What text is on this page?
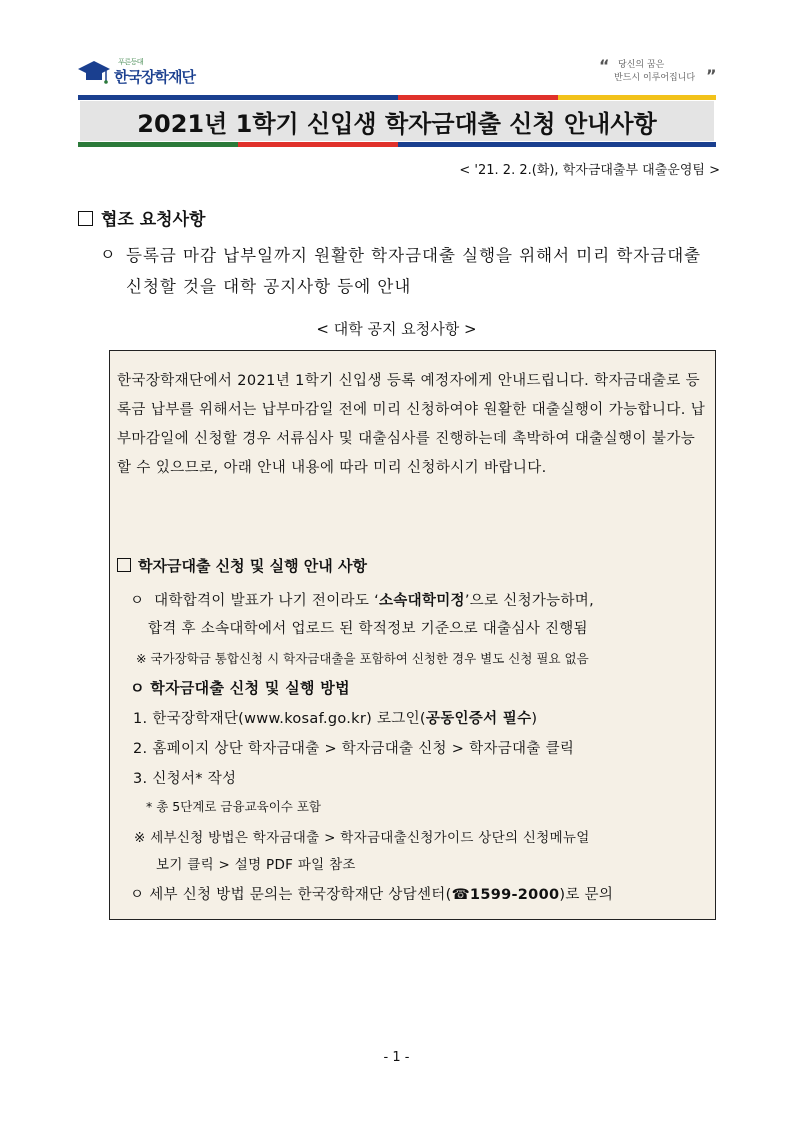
푸른등대
한국장학재단
“ 당신의 꿈은
반드시 이루어집니다 ”
2021년 1학기 신입생 학자금대출 신청 안내사항
< '21. 2. 2.(화), 학자금대출부 대출운영팀 >
협조 요청사항
ㅇ 등록금 마감 납부일까지 원활한 학자금대출 실행을 위해서 미리 학자금대출 신청할 것을 대학 공지사항 등에 안내
< 대학 공지 요청사항 >
한국장학재단에서 2021년 1학기 신입생 등록 예정자에게 안내드립니다. 학자금대출로 등록금 납부를 위해서는 납부마감일 전에 미리 신청하여야 원활한 대출실행이 가능합니다. 납부마감일에 신청할 경우 서류심사 및 대출심사를 진행하는데 촉박하여 대출실행이 불가능 할 수 있으므로, 아래 안내 내용에 따라 미리 신청하시기 바랍니다.
학자금대출 신청 및 실행 안내 사항
ㅇ 대학합격이 발표가 나기 전이라도 ‘소속대학미정’으로 신청가능하며,
합격 후 소속대학에서 업로드 된 학적정보 기준으로 대출심사 진행됨
※ 국가장학금 통합신청 시 학자금대출을 포함하여 신청한 경우 별도 신청 필요 없음
ㅇ 학자금대출 신청 및 실행 방법
1. 한국장학재단(www.kosaf.go.kr) 로그인(공동인증서 필수)
2. 홈페이지 상단 학자금대출 > 학자금대출 신청 > 학자금대출 클릭
3. 신청서* 작성
* 총 5단계로 금융교육이수 포함
※ 세부신청 방법은 학자금대출 > 학자금대출신청가이드 상단의 신청메뉴얼
보기 클릭 > 설명 PDF 파일 참조
ㅇ 세부 신청 방법 문의는 한국장학재단 상담센터(☎1599-2000)로 문의
- 1 -
